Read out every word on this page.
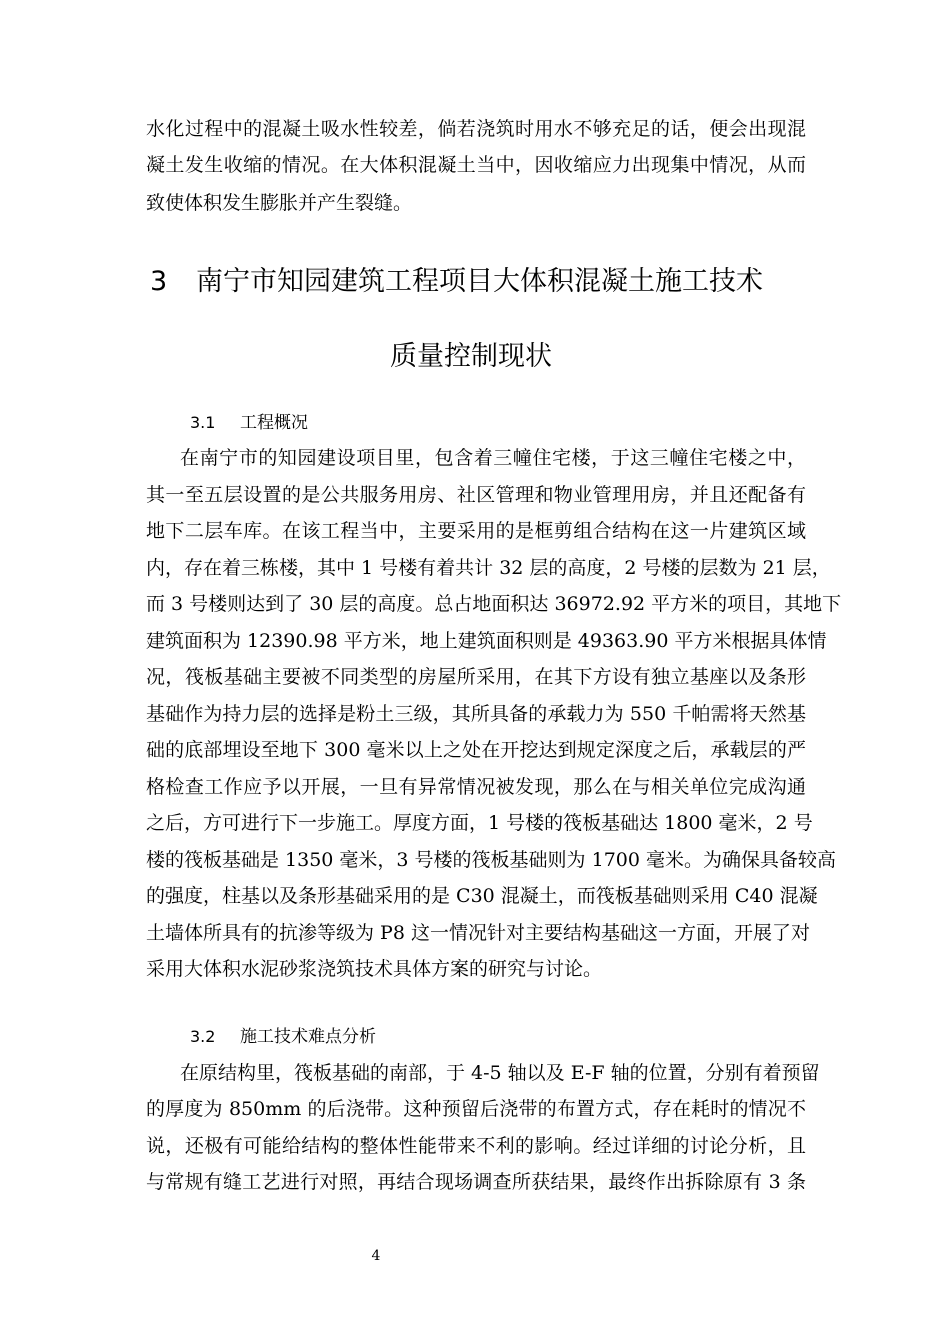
水化过程中的混凝土吸水性较差，倘若浇筑时用水不够充足的话，便会出现混
凝土发生收缩的情况。在大体积混凝土当中，因收缩应力出现集中情况，从而
致使体积发生膨胀并产生裂缝。
3 南宁市知园建筑工程项目大体积混凝土施工技术
质量控制现状
3.1 工程概况
在南宁市的知园建设项目里，包含着三幢住宅楼，于这三幢住宅楼之中，
其一至五层设置的是公共服务用房、社区管理和物业管理用房，并且还配备有
地下二层车库。在该工程当中，主要采用的是框剪组合结构在这一片建筑区域
内，存在着三栋楼，其中 1 号楼有着共计 32 层的高度，2 号楼的层数为 21 层，
而 3 号楼则达到了 30 层的高度。总占地面积达 36972.92 平方米的项目，其地下
建筑面积为 12390.98 平方米，地上建筑面积则是 49363.90 平方米根据具体情
况，筏板基础主要被不同类型的房屋所采用，在其下方设有独立基座以及条形
基础作为持力层的选择是粉土三级，其所具备的承载力为 550 千帕需将天然基
础的底部埋设至地下 300 毫米以上之处在开挖达到规定深度之后，承载层的严
格检查工作应予以开展，一旦有异常情况被发现，那么在与相关单位完成沟通
之后，方可进行下一步施工。厚度方面，1 号楼的筏板基础达 1800 毫米，2 号
楼的筏板基础是 1350 毫米，3 号楼的筏板基础则为 1700 毫米。为确保具备较高
的强度，柱基以及条形基础采用的是 C30 混凝土，而筏板基础则采用 C40 混凝
土墙体所具有的抗渗等级为 P8 这一情况针对主要结构基础这一方面，开展了对
采用大体积水泥砂浆浇筑技术具体方案的研究与讨论。
3.2 施工技术难点分析
在原结构里，筏板基础的南部，于 4-5 轴以及 E-F 轴的位置，分别有着预留
的厚度为 850mm 的后浇带。这种预留后浇带的布置方式，存在耗时的情况不
说，还极有可能给结构的整体性能带来不利的影响。经过详细的讨论分析，且
与常规有缝工艺进行对照，再结合现场调查所获结果，最终作出拆除原有 3 条
4
